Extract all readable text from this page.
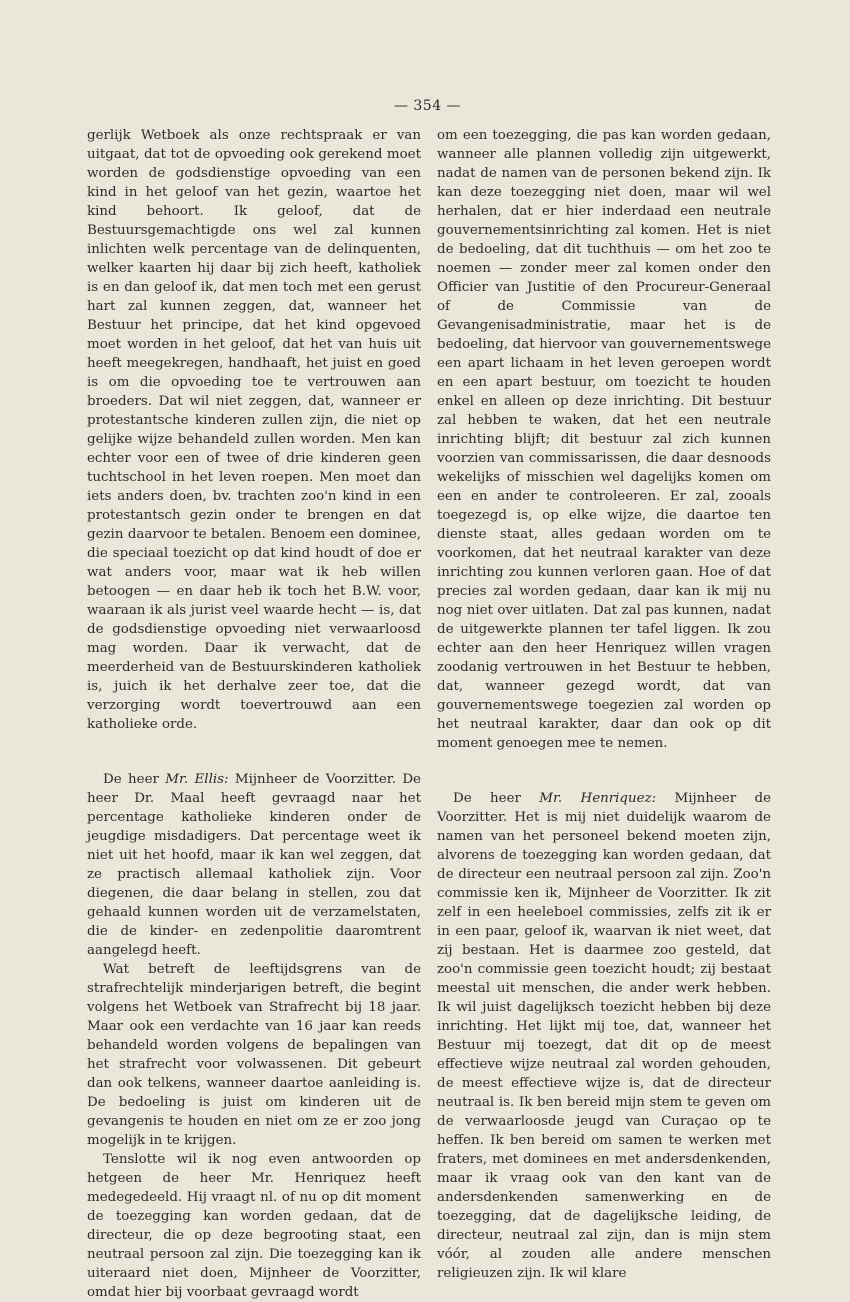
— 354 —

gerlijk Wetboek als onze rechtspraak er van uitgaat, dat tot de opvoeding ook gerekend moet worden de godsdienstige opvoeding van een kind in het geloof van het gezin, waartoe het kind behoort. Ik geloof, dat de Bestuursgemachtigde ons wel zal kunnen inlichten welk percentage van de delinquenten, welker kaarten hij daar bij zich heeft, katholiek is en dan geloof ik, dat men toch met een gerust hart zal kunnen zeggen, dat, wanneer het Bestuur het principe, dat het kind opgevoed moet worden in het geloof, dat het van huis uit heeft meegekregen, handhaaft, het juist en goed is om die opvoeding toe te vertrouwen aan broeders. Dat wil niet zeggen, dat, wanneer er protestantsche kinderen zullen zijn, die niet op gelijke wijze behandeld zullen worden. Men kan echter voor een of twee of drie kinderen geen tuchtschool in het leven roepen. Men moet dan iets anders doen, bv. trachten zoo'n kind in een protestantsch gezin onder te brengen en dat gezin daarvoor te betalen. Benoem een dominee, die speciaal toezicht op dat kind houdt of doe er wat anders voor, maar wat ik heb willen betoogen — en daar heb ik toch het B.W. voor, waaraan ik als jurist veel waarde hecht — is, dat de godsdienstige opvoeding niet verwaarloosd mag worden. Daar ik verwacht, dat de meerderheid van de Bestuurskinderen katholiek is, juich ik het derhalve zeer toe, dat die verzorging wordt toevertrouwd aan een katholieke orde.

De heer Mr. Ellis: Mijnheer de Voorzitter. De heer Dr. Maal heeft gevraagd naar het percentage katholieke kinderen onder de jeugdige misdadigers. Dat percentage weet ik niet uit het hoofd, maar ik kan wel zeggen, dat ze practisch allemaal katholiek zijn. Voor diegenen, die daar belang in stellen, zou dat gehaald kunnen worden uit de verzamelstaten, die de kinder- en zedenpolitie daaromtrent aangelegd heeft.

Wat betreft de leeftijdsgrens van de strafrechtelijk minderjarigen betreft, die begint volgens het Wetboek van Strafrecht bij 18 jaar. Maar ook een verdachte van 16 jaar kan reeds behandeld worden volgens de bepalingen van het strafrecht voor volwassenen. Dit gebeurt dan ook telkens, wanneer daartoe aanleiding is. De bedoeling is juist om kinderen uit de gevangenis te houden en niet om ze er zoo jong mogelijk in te krijgen.

Tenslotte wil ik nog even antwoorden op hetgeen de heer Mr. Henriquez heeft medegedeeld. Hij vraagt nl. of nu op dit moment de toezegging kan worden gedaan, dat de directeur, die op deze begrooting staat, een neutraal persoon zal zijn. Die toezegging kan ik uiteraard niet doen, Mijnheer de Voorzitter, omdat hier bij voorbaat gevraagd wordt

om een toezegging, die pas kan worden gedaan, wanneer alle plannen volledig zijn uitgewerkt, nadat de namen van de personen bekend zijn. Ik kan deze toezegging niet doen, maar wil wel herhalen, dat er hier inderdaad een neutrale gouvernementsinrichting zal komen. Het is niet de bedoeling, dat dit tuchthuis — om het zoo te noemen — zonder meer zal komen onder den Officier van Justitie of den Procureur-Generaal of de Commissie van de Gevangenisadministratie, maar het is de bedoeling, dat hiervoor van gouvernementswege een apart lichaam in het leven geroepen wordt en een apart bestuur, om toezicht te houden enkel en alleen op deze inrichting. Dit bestuur zal hebben te waken, dat het een neutrale inrichting blijft; dit bestuur zal zich kunnen voorzien van commissarissen, die daar desnoods wekelijks of misschien wel dagelijks komen om een en ander te controleeren. Er zal, zooals toegezegd is, op elke wijze, die daartoe ten dienste staat, alles gedaan worden om te voorkomen, dat het neutraal karakter van deze inrichting zou kunnen verloren gaan. Hoe of dat precies zal worden gedaan, daar kan ik mij nu nog niet over uitlaten. Dat zal pas kunnen, nadat de uitgewerkte plannen ter tafel liggen. Ik zou echter aan den heer Henriquez willen vragen zoodanig vertrouwen in het Bestuur te hebben, dat, wanneer gezegd wordt, dat van gouvernementswege toegezien zal worden op het neutraal karakter, daar dan ook op dit moment genoegen mee te nemen.

De heer Mr. Henriquez: Mijnheer de Voorzitter. Het is mij niet duidelijk waarom de namen van het personeel bekend moeten zijn, alvorens de toezegging kan worden gedaan, dat de directeur een neutraal persoon zal zijn. Zoo'n commissie ken ik, Mijnheer de Voorzitter. Ik zit zelf in een heeleboel commissies, zelfs zit ik er in een paar, geloof ik, waarvan ik niet weet, dat zij bestaan. Het is daarmee zoo gesteld, dat zoo'n commissie geen toezicht houdt; zij bestaat meestal uit menschen, die ander werk hebben. Ik wil juist dagelijksch toezicht hebben bij deze inrichting. Het lijkt mij toe, dat, wanneer het Bestuur mij toezegt, dat dit op de meest effectieve wijze neutraal zal worden gehouden, de meest effectieve wijze is, dat de directeur neutraal is. Ik ben bereid mijn stem te geven om de verwaarloosde jeugd van Curaçao op te heffen. Ik ben bereid om samen te werken met fraters, met dominees en met andersdenkenden, maar ik vraag ook van den kant van de andersdenkenden samenwerking en de toezegging, dat de dagelijksche leiding, de directeur, neutraal zal zijn, dan is mijn stem vóór, al zouden alle andere menschen religieuzen zijn. Ik wil klare
